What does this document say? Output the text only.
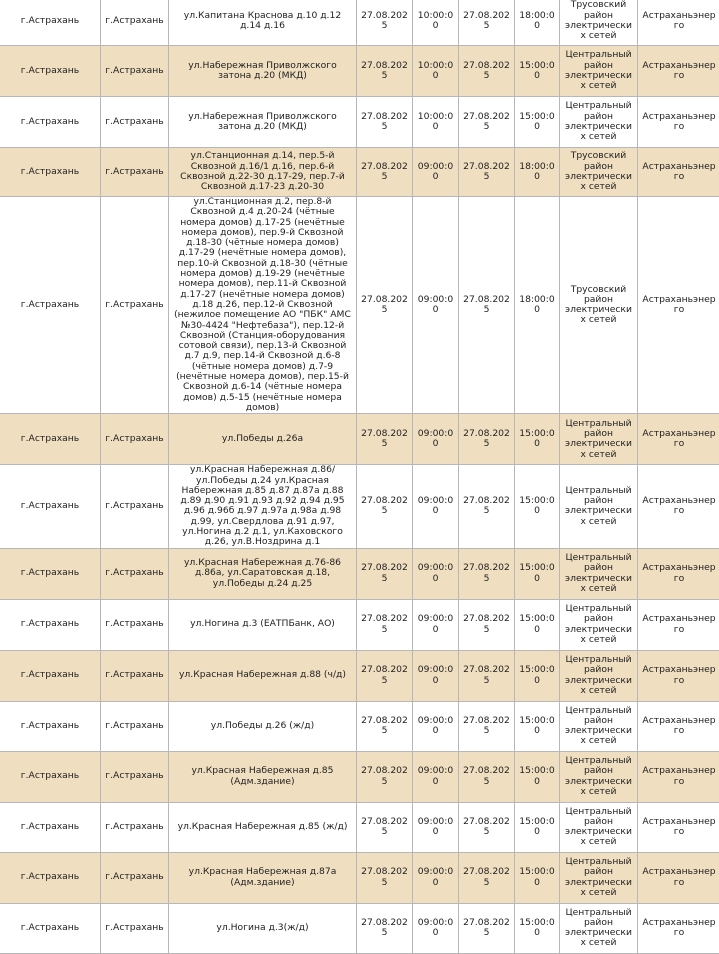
г.Астрахань	г.Астрахань	ул.Капитана Краснова д.10 д.12 д.14 д.16	27.08.2025	10:00:00	27.08.2025	18:00:00	Трусовский район электрических сетей	Астраханьэнерго
г.Астрахань	г.Астрахань	ул.Набережная Приволжского затона д.20 (МКД)	27.08.2025	10:00:00	27.08.2025	15:00:00	Центральный район электрических сетей	Астраханьэнерго
г.Астрахань	г.Астрахань	ул.Набережная Приволжского затона д.20 (МКД)	27.08.2025	10:00:00	27.08.2025	15:00:00	Центральный район электрических сетей	Астраханьэнерго
г.Астрахань	г.Астрахань	ул.Станционная д.14, пер.5-й Сквозной д.16/1 д.16, пер.6-й Сквозной д.22-30 д.17-29, пер.7-й Сквозной д.17-23 д.20-30	27.08.2025	09:00:00	27.08.2025	18:00:00	Трусовский район электрических сетей	Астраханьэнерго
г.Астрахань	г.Астрахань	ул.Станционная д.2, пер.8-й Сквозной д.4 д.20-24 (чётные номера домов) д.17-25 (нечётные номера домов), пер.9-й Сквозной д.18-30 (чётные номера домов) д.17-29 (нечётные номера домов), пер.10-й Сквозной д.18-30 (чётные номера домов) д.19-29 (нечётные номера домов), пер.11-й Сквозной д.17-27 (нечётные номера домов) д.18 д.26, пер.12-й Сквозной (нежилое помещение АО "ПБК" АМС №30-4424 "Нефтебаза"), пер.12-й Сквозной (Станция-оборудования сотовой связи), пер.13-й Сквозной д.7 д.9, пер.14-й Сквозной д.6-8 (чётные номера домов) д.7-9 (нечётные номера домов), пер.15-й Сквозной д.6-14 (чётные номера домов) д.5-15 (нечётные номера домов)	27.08.2025	09:00:00	27.08.2025	18:00:00	Трусовский район электрических сетей	Астраханьэнерго
г.Астрахань	г.Астрахань	ул.Победы д.26а	27.08.2025	09:00:00	27.08.2025	15:00:00	Центральный район электрических сетей	Астраханьэнерго
г.Астрахань	г.Астрахань	ул.Красная Набережная д.86/ ул.Победы д.24 ул.Красная Набережная д.85 д.87 д.87а д.88 д.89 д.90 д.91 д.93 д.92 д.94 д.95 д.96 д.96б д.97 д.97а д.98а д.98 д.99, ул.Свердлова д.91 д.97, ул.Ногина д.2 д.1, ул.Каховского д.26, ул.В.Ноздрина д.1	27.08.2025	09:00:00	27.08.2025	15:00:00	Центральный район электрических сетей	Астраханьэнерго
г.Астрахань	г.Астрахань	ул.Красная Набережная д.76-86 д.86а, ул.Саратовская д.18, ул.Победы д.24 д.25	27.08.2025	09:00:00	27.08.2025	15:00:00	Центральный район электрических сетей	Астраханьэнерго
г.Астрахань	г.Астрахань	ул.Ногина д.3 (ЕАТПБанк, АО)	27.08.2025	09:00:00	27.08.2025	15:00:00	Центральный район электрических сетей	Астраханьэнерго
г.Астрахань	г.Астрахань	ул.Красная Набережная д.88 (ч/д)	27.08.2025	09:00:00	27.08.2025	15:00:00	Центральный район электрических сетей	Астраханьэнерго
г.Астрахань	г.Астрахань	ул.Победы д.26 (ж/д)	27.08.2025	09:00:00	27.08.2025	15:00:00	Центральный район электрических сетей	Астраханьэнерго
г.Астрахань	г.Астрахань	ул.Красная Набережная д.85 (Адм.здание)	27.08.2025	09:00:00	27.08.2025	15:00:00	Центральный район электрических сетей	Астраханьэнерго
г.Астрахань	г.Астрахань	ул.Красная Набережная д.85 (ж/д)	27.08.2025	09:00:00	27.08.2025	15:00:00	Центральный район электрических сетей	Астраханьэнерго
г.Астрахань	г.Астрахань	ул.Красная Набережная д.87а (Адм.здание)	27.08.2025	09:00:00	27.08.2025	15:00:00	Центральный район электрических сетей	Астраханьэнерго
г.Астрахань	г.Астрахань	ул.Ногина д.3(ж/д)	27.08.2025	09:00:00	27.08.2025	15:00:00	Центральный район электрических сетей	Астраханьэнерго
